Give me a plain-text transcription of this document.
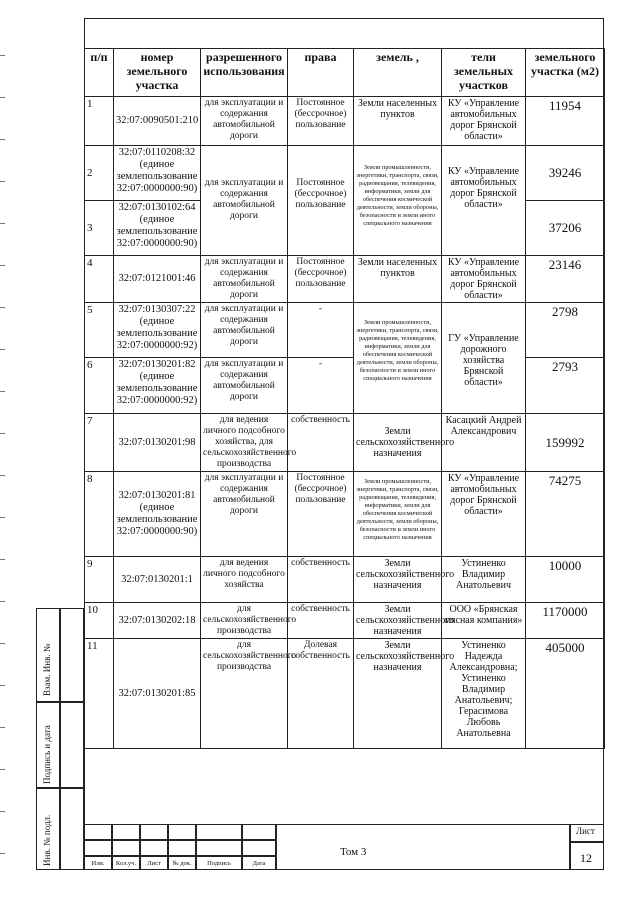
Взам. Инв. №
Подпись и дата
Инв. № подл.
п/п	номер земельного участка	разрешенного использования	права	земель ,	тели земельных участков	земельного участка (м2)
1	32:07:0090501:210	для эксплуатации и содержания автомобильной дороги	Постоянное (бессрочное) пользование	Земли населенных пунктов	КУ «Управление автомобильных дорог Брянской области»	11954
2	32:07:0110208:32 (единое землепользование 32:07:0000000:90)	для эксплуатации и содержания автомобильной дороги	Постоянное (бессрочное) пользование	Земли промышленности, энергетики, транспорта, связи, радиовещания, телевидения, информатики, земли для обеспечения космической деятельности, земли обороны, безопасности и земли иного специального назначения	КУ «Управление автомобильных дорог Брянской области»	39246
3	32:07:0130102:64 (единое землепользование 32:07:0000000:90)					37206
4	32:07:0121001:46	для эксплуатации и содержания автомобильной дороги	Постоянное (бессрочное) пользование	Земли населенных пунктов	КУ «Управление автомобильных дорог Брянской области»	23146
5	32:07:0130307:22 (единое землепользование 32:07:0000000:92)	для эксплуатации и содержания автомобильной дороги	-	Земли промышленности, энергетики, транспорта, связи, радиовещания, телевидения, информатики, земли для обеспечения космической деятельности, земли обороны, безопасности и земли иного специального назначения	ГУ «Управление дорожного хозяйства Брянской области»	2798
6	32:07:0130201:82 (единое землепользование 32:07:0000000:92)	для эксплуатации и содержания автомобильной дороги	-			2793
7	32:07:0130201:98	для ведения личного подсобного хозяйства, для сельскохозяйственного производства	собственность	Земли сельскохозяйственного назначения	Касацкий Андрей Александрович	159992
8	32:07:0130201:81 (единое землепользование 32:07:0000000:90)	для эксплуатации и содержания автомобильной дороги	Постоянное (бессрочное) пользование	Земли промышленности, энергетики, транспорта, связи, радиовещания, телевидения, информатики, земли для обеспечения космической деятельности, земли обороны, безопасности и земли иного специального назначения	КУ «Управление автомобильных дорог Брянской области»	74275
9	32:07:0130201:1	для ведения личного подсобного хозяйства	собственность	Земли сельскохозяйственного назначения	Устиненко Владимир Анатольевич	10000
10	32:07:0130202:18	для сельскохозяйственного производства	собственность	Земли сельскохозяйственного назначения	ООО «Брянская мясная компания»	1170000
11	32:07:0130201:85	для сельскохозяйственного производства	Долевая собственность	Земли сельскохозяйственного назначения	Устиненко Надежда Александровна; Устиненко Владимир Анатольевич; Герасимова Любовь Анатольевна	405000
Изм.	Кол.уч.	Лист	№ док.	Подпись	Дата
Том 3
Лист
12
